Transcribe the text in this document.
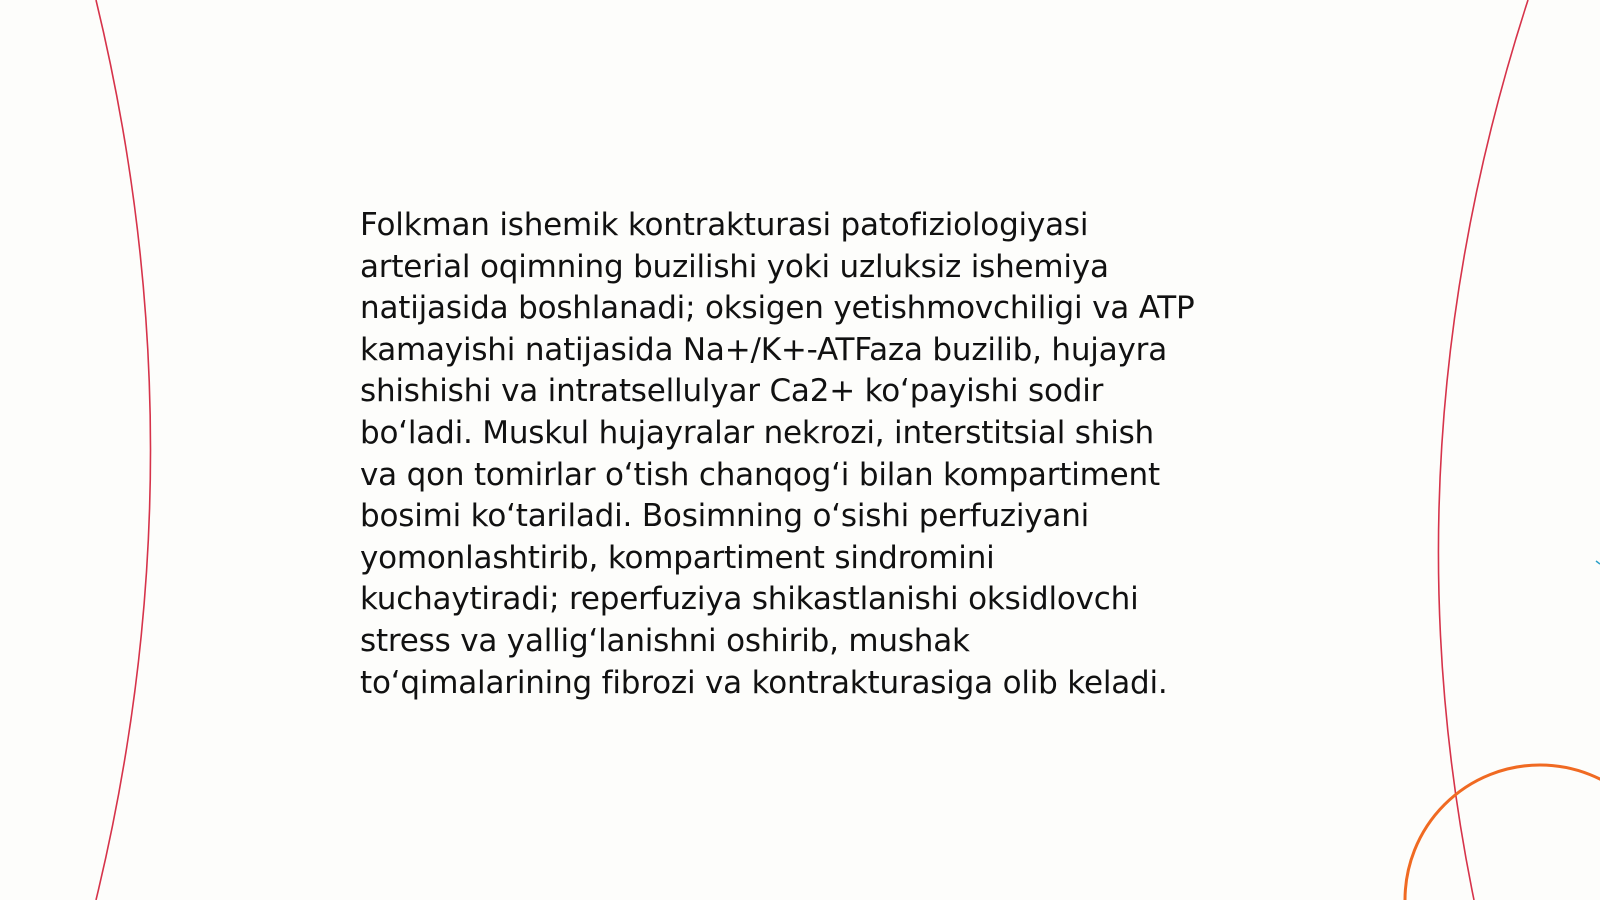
Folkman ishemik kontrakturasi patofiziologiyasi
arterial oqimning buzilishi yoki uzluksiz ishemiya
natijasida boshlanadi; oksigen yetishmovchiligi va ATP
kamayishi natijasida Na+/K+-ATFaza buzilib, hujayra
shishishi va intratsellulyar Ca2+ ko‘payishi sodir
bo‘ladi. Muskul hujayralar nekrozi, interstitsial shish
va qon tomirlar o‘tish chanqog‘i bilan kompartiment
bosimi ko‘tariladi. Bosimning o‘sishi perfuziyani
yomonlashtirib, kompartiment sindromini
kuchaytiradi; reperfuziya shikastlanishi oksidlovchi
stress va yallig‘lanishni oshirib, mushak
to‘qimalarining fibrozi va kontrakturasiga olib keladi.
